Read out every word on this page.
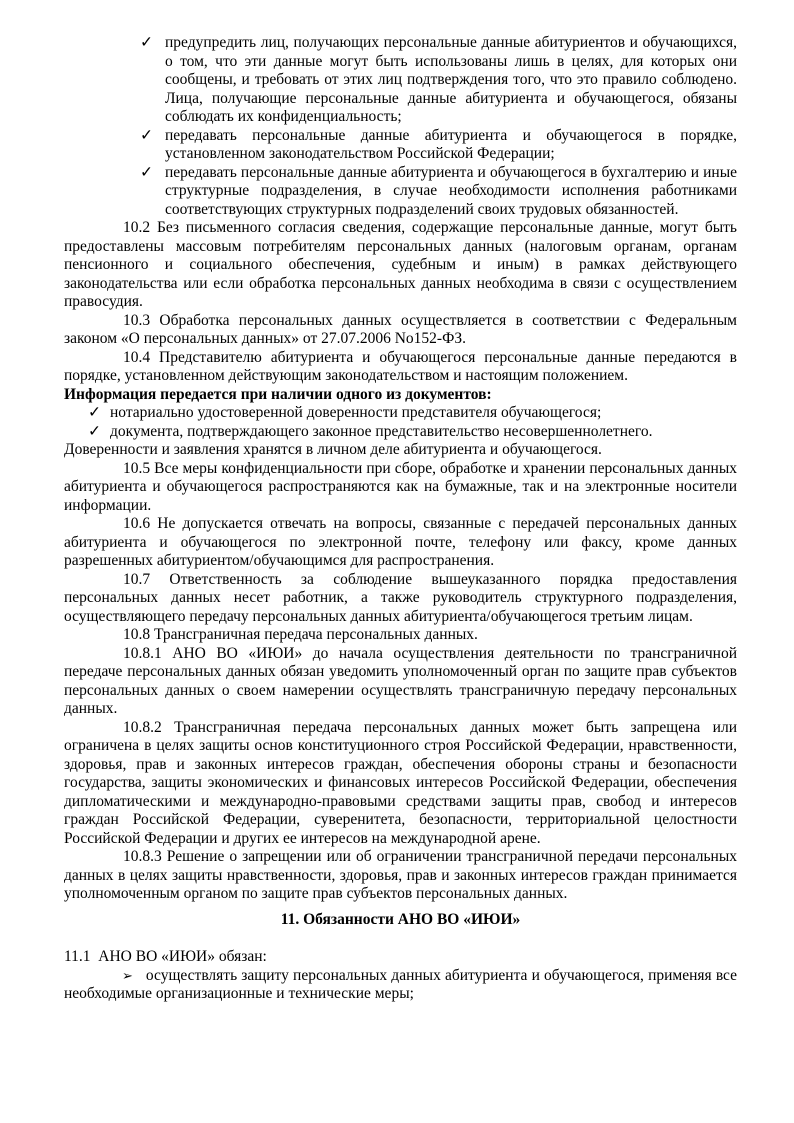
✓ предупредить лиц, получающих персональные данные абитуриентов и обучающихся, о том, что эти данные могут быть использованы лишь в целях, для которых они сообщены, и требовать от этих лиц подтверждения того, что это правило соблюдено. Лица, получающие персональные данные абитуриента и обучающегося, обязаны соблюдать их конфиденциальность;
✓ передавать персональные данные абитуриента и обучающегося в порядке, установленном законодательством Российской Федерации;
✓ передавать персональные данные абитуриента и обучающегося в бухгалтерию и иные структурные подразделения, в случае необходимости исполнения работниками соответствующих структурных подразделений своих трудовых обязанностей.

10.2 Без письменного согласия сведения, содержащие персональные данные, могут быть предоставлены массовым потребителям персональных данных (налоговым органам, органам пенсионного и социального обеспечения, судебным и иным) в рамках действующего законодательства или если обработка персональных данных необходима в связи с осуществлением правосудия.

10.3 Обработка персональных данных осуществляется в соответствии с Федеральным законом «О персональных данных» от 27.07.2006 No152-ФЗ.

10.4 Представителю абитуриента и обучающегося персональные данные передаются в порядке, установленном действующим законодательством и настоящим положением.

Информация передается при наличии одного из документов:

✓ нотариально удостоверенной доверенности представителя обучающегося;
✓ документа, подтверждающего законное представительство несовершеннолетнего.

Доверенности и заявления хранятся в личном деле абитуриента и обучающегося.

10.5 Все меры конфиденциальности при сборе, обработке и хранении персональных данных абитуриента и обучающегося распространяются как на бумажные, так и на электронные носители информации.

10.6 Не допускается отвечать на вопросы, связанные с передачей персональных данных абитуриента и обучающегося по электронной почте, телефону или факсу, кроме данных разрешенных абитуриентом/обучающимся для распространения.

10.7 Ответственность за соблюдение вышеуказанного порядка предоставления персональных данных несет работник, а также руководитель структурного подразделения, осуществляющего передачу персональных данных абитуриента/обучающегося третьим лицам.

10.8 Трансграничная передача персональных данных.

10.8.1 АНО ВО «ИЮИ» до начала осуществления деятельности по трансграничной передаче персональных данных обязан уведомить уполномоченный орган по защите прав субъектов персональных данных о своем намерении осуществлять трансграничную передачу персональных данных.

10.8.2 Трансграничная передача персональных данных может быть запрещена или ограничена в целях защиты основ конституционного строя Российской Федерации, нравственности, здоровья, прав и законных интересов граждан, обеспечения обороны страны и безопасности государства, защиты экономических и финансовых интересов Российской Федерации, обеспечения дипломатическими и международно-правовыми средствами защиты прав, свобод и интересов граждан Российской Федерации, суверенитета, безопасности, территориальной целостности Российской Федерации и других ее интересов на международной арене.

10.8.3 Решение о запрещении или об ограничении трансграничной передачи персональных данных в целях защиты нравственности, здоровья, прав и законных интересов граждан принимается уполномоченным органом по защите прав субъектов персональных данных.

11. Обязанности АНО ВО «ИЮИ»

11.1  АНО ВО «ИЮИ» обязан:

➢ осуществлять защиту персональных данных абитуриента и обучающегося, применяя все необходимые организационные и технические меры;
